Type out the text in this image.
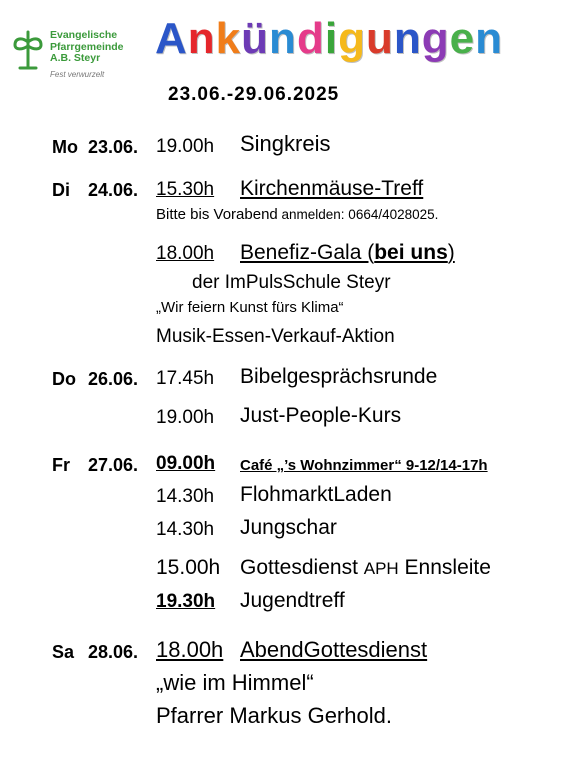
Evangelische
Pfarrgemeinde
A.B. Steyr
Fest verwurzelt
Ankündigungen
23.06.-29.06.2025
Mo 23.06. 19.00h Singkreis
Di 24.06. 15.30h Kirchenmäuse-Treff
Bitte bis Vorabend anmelden: 0664/4028025.
18.00h Benefiz-Gala (bei uns)
der ImPulsSchule Steyr
„Wir feiern Kunst fürs Klima“
Musik-Essen-Verkauf-Aktion
Do 26.06. 17.45h Bibelgesprächsrunde
19.00h Just-People-Kurs
Fr 27.06. 09.00h Café „’s Wohnzimmer“ 9-12/14-17h
14.30h FlohmarktLaden
14.30h Jungschar
15.00h Gottesdienst APH Ennsleite
19.30h Jugendtreff
Sa 28.06. 18.00h AbendGottesdienst
„wie im Himmel“
Pfarrer Markus Gerhold.
